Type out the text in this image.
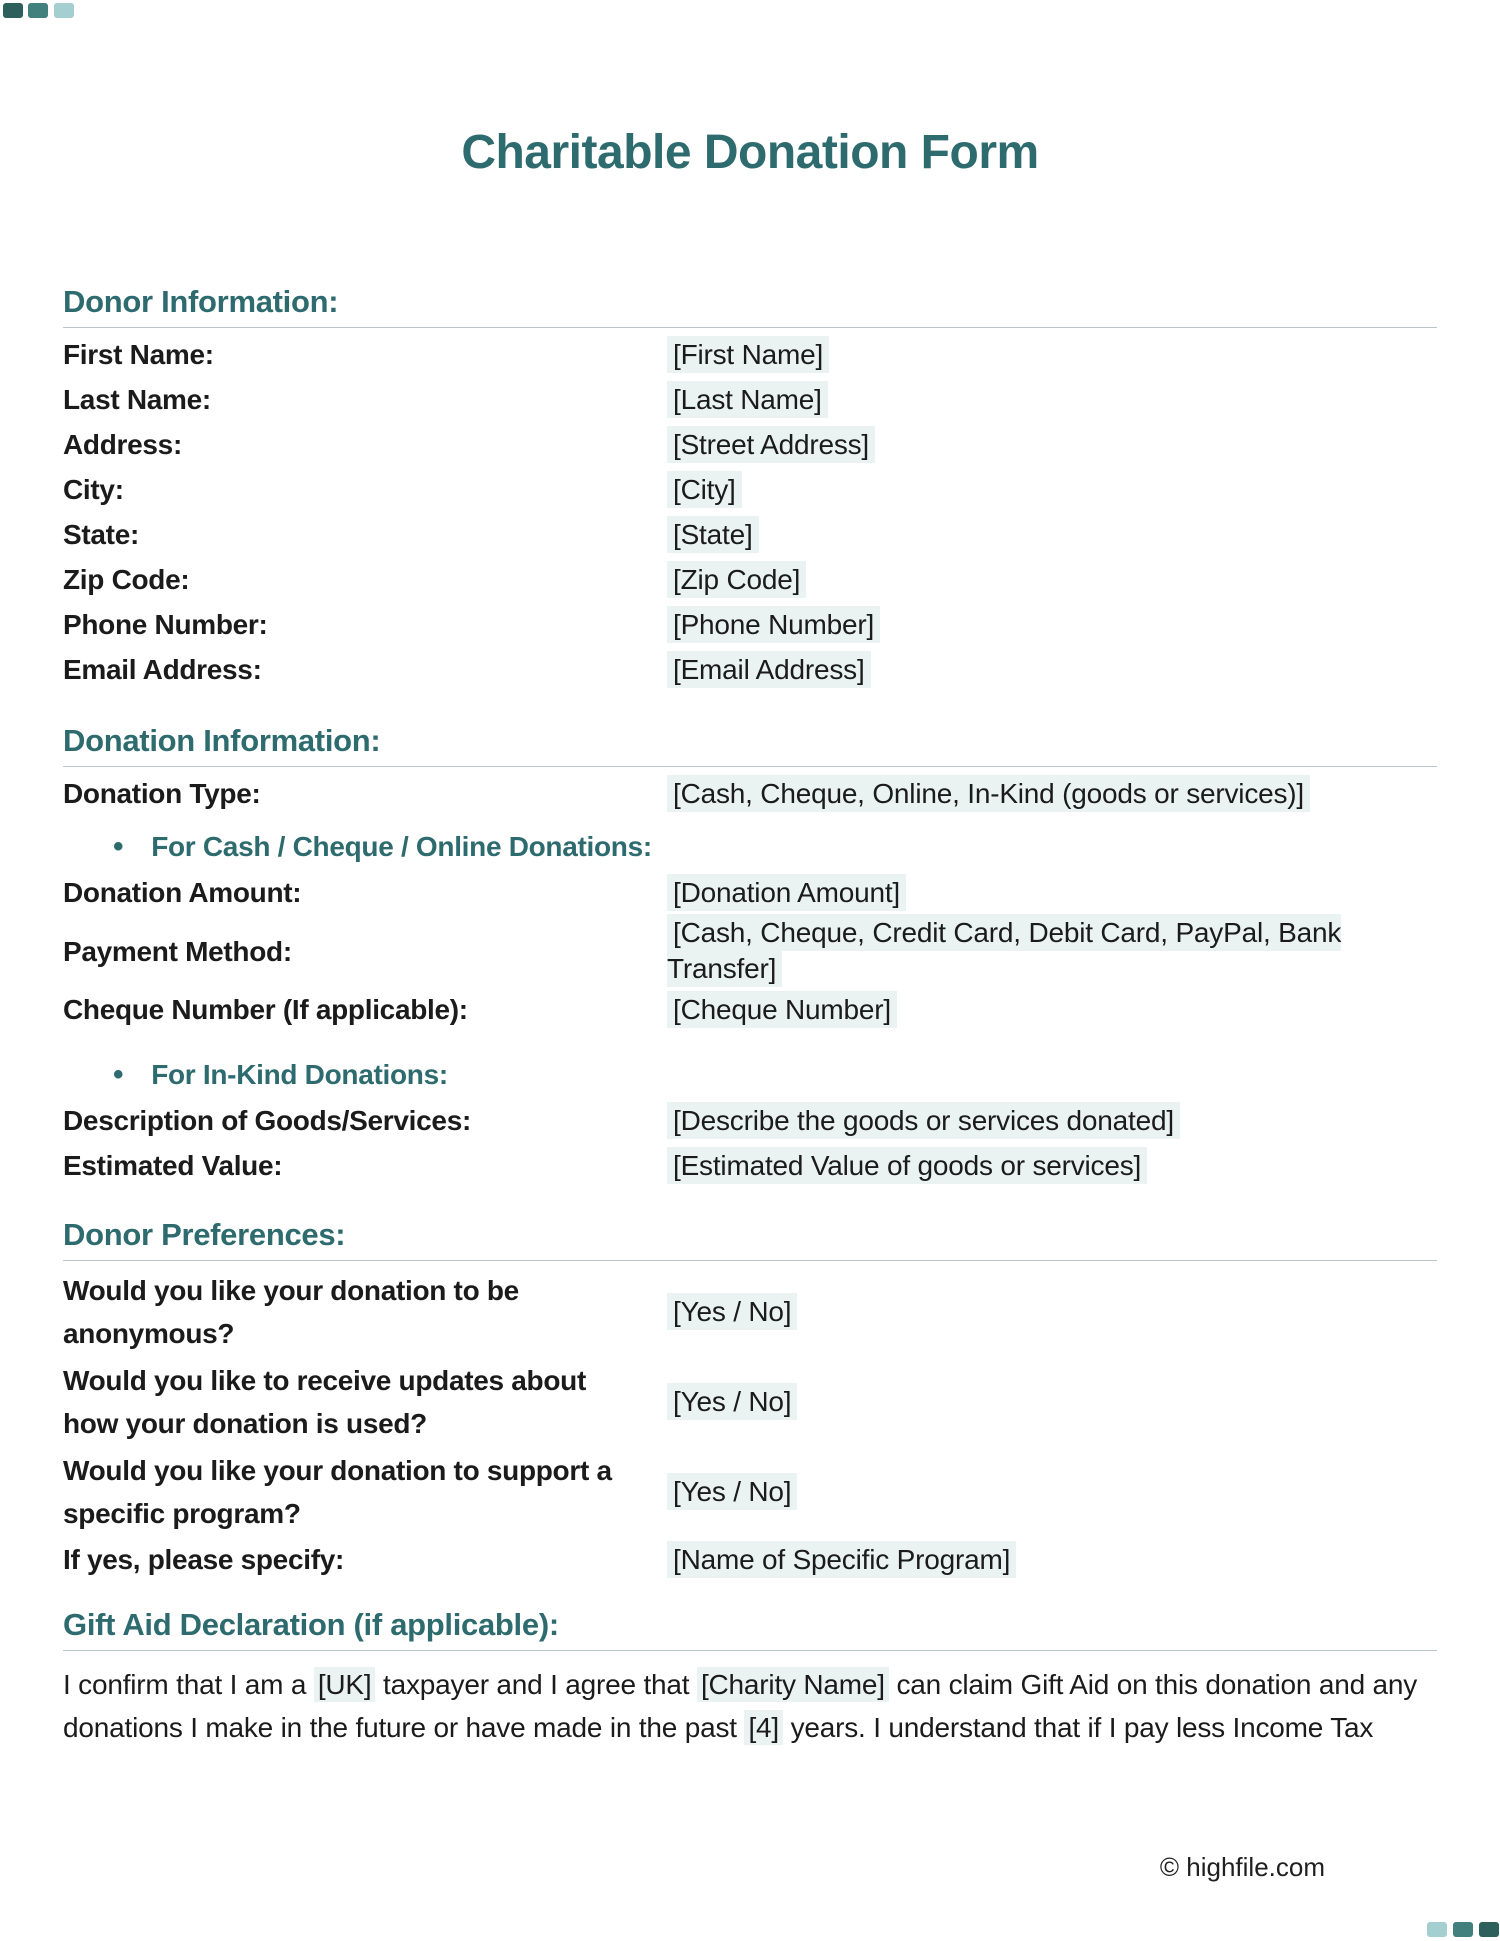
Charitable Donation Form
Donor Information:
First Name:	[First Name]
Last Name:	[Last Name]
Address:	[Street Address]
City:	[City]
State:	[State]
Zip Code:	[Zip Code]
Phone Number:	[Phone Number]
Email Address:	[Email Address]
Donation Information:
Donation Type:	[Cash, Cheque, Online, In-Kind (goods or services)]
• For Cash / Cheque / Online Donations:
Donation Amount:	[Donation Amount]
Payment Method:
[Cash, Cheque, Credit Card, Debit Card, PayPal, Bank Transfer]
Cheque Number (If applicable):	[Cheque Number]
• For In-Kind Donations:
Description of Goods/Services:	[Describe the goods or services donated]
Estimated Value:	[Estimated Value of goods or services]
Donor Preferences:
Would you like your donation to be anonymous?
[Yes / No]
Would you like to receive updates about how your donation is used?
[Yes / No]
Would you like your donation to support a specific program?
[Yes / No]
If yes, please specify:	[Name of Specific Program]
Gift Aid Declaration (if applicable):

I confirm that I am a [UK] taxpayer and I agree that [Charity Name] can claim Gift Aid on this donation and any donations I make in the future or have made in the past [4] years. I understand that if I pay less Income Tax

© highfile.com
